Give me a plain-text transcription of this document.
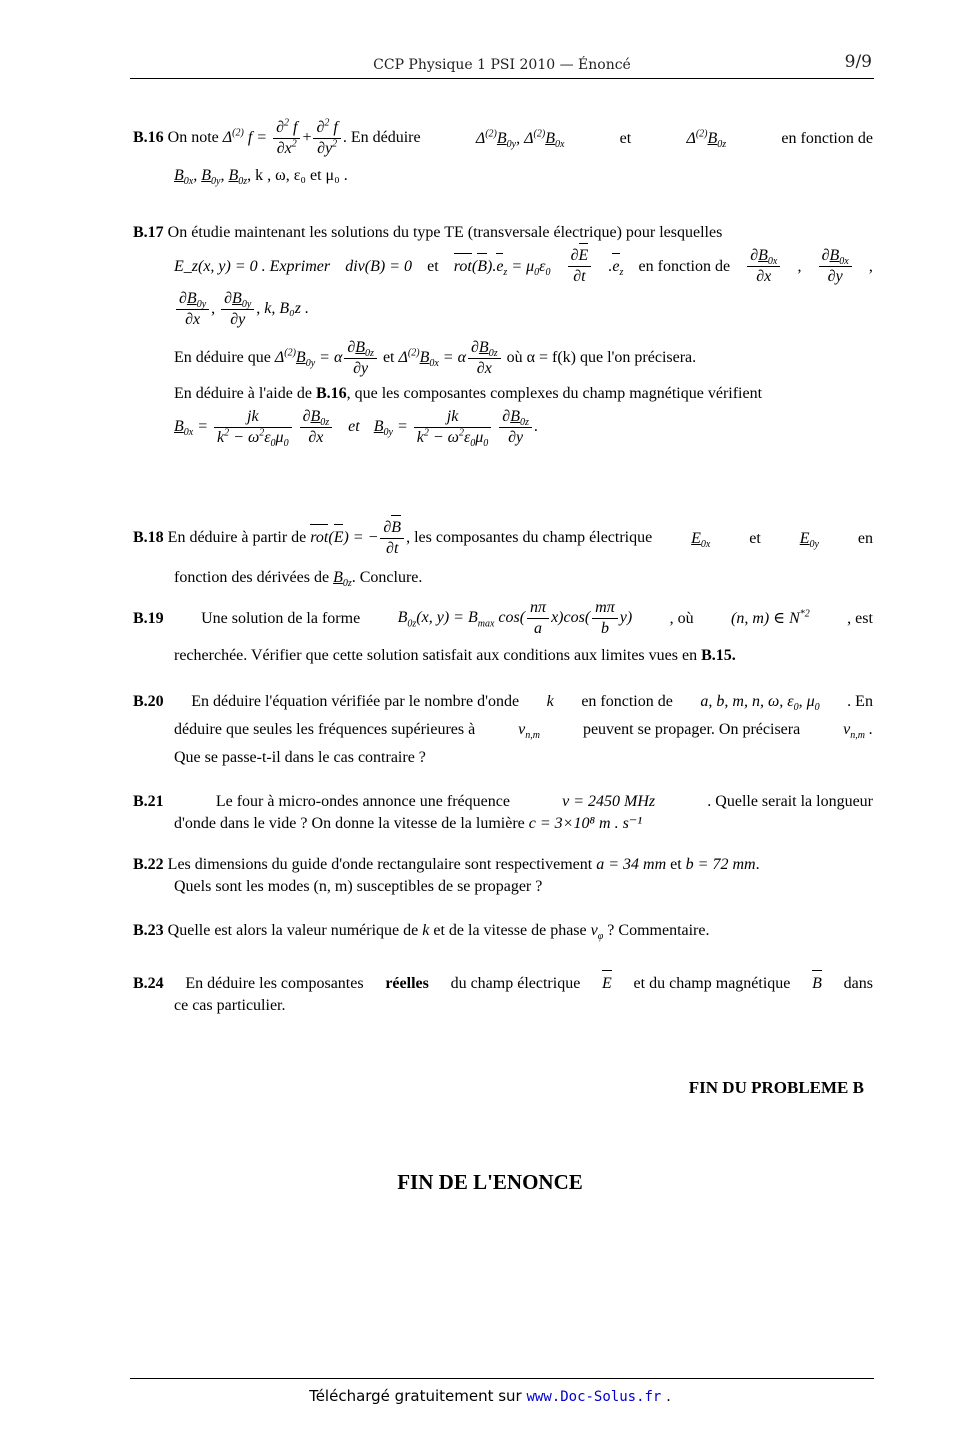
CCP Physique 1 PSI 2010 — Énoncé	9/9
B.16 On note $\Delta^{(2)}$ $f = \frac{\partial^2 f}{\partial x^2} + \frac{\partial^2 f}{\partial y^2}$ . En déduire	$\Delta^{(2)}B_{0y}$, $\Delta^{(2)}B_{0x}$	et	$\Delta^{(2)}B_{0z}$	en fonction de
$B_{0x}$, $B_{0y}$, $B_{0z}$, k , ω, ε₀ et μ₀ .
B.17 On étudie maintenant les solutions du type TE (transversale électrique) pour lesquelles
E_z(x, y) = 0 . Exprimer div(B) = 0 et $rot(B).e_z = \mu_0\varepsilon_0 \frac{\partial E}{\partial t} .e_z$ en fonction de $\frac{\partial B_{0x}}{\partial x}$ , $\frac{\partial B_{0x}}{\partial y}$ ,
$\frac{\partial B_{0y}}{\partial x}$ , $\frac{\partial B_{0y}}{\partial y}$ , k, B₀z .
En déduire que $\Delta^{(2)}B_{0y} = \alpha \frac{\partial B_{0z}}{\partial y}$ et $\Delta^{(2)}B_{0x} = \alpha \frac{\partial B_{0z}}{\partial x}$ où α = f(k) que l'on précisera.
En déduire à l'aide de B.16, que les composantes complexes du champ magnétique vérifient
$B_{0x} = \frac{jk}{k^2 - \omega^2\varepsilon_0\mu_0}$
$\frac{\partial B_{0z}}{\partial x}$ et $B_{0y} = \frac{jk}{k^2 - \omega^2\varepsilon_0\mu_0}$
$\frac{\partial B_{0z}}{\partial y}$ .
B.18 En déduire à partir de rot(E) = − $\frac{\partial B}{\partial t}$ , les composantes du champ électrique $E_{0x}$ et $E_{0y}$ en
fonction des dérivées de $B_{0z}$. Conclure.
B.19 Une solution de la forme $B_{0z}(x$, $y) = B_{max}$ $\cos( \frac{n\pi}{a} x)\cos( \frac{m\pi}{b} y)$ , où (n, m) ∈ $N^{*2}$ , est
recherchée. Vérifier que cette solution satisfait aux conditions aux limites vues en B.15.
B.20 En déduire l'équation vérifiée par le nombre d'onde k en fonction de a, b, m, n, ω, $\varepsilon_0$, $\mu_0$ . En
déduire que seules les fréquences supérieures à	$\nu_{n,m}$	peuvent se propager. On précisera	$\nu_{n,m}$ .
Que se passe-t-il dans le cas contraire ?
B.21	Le four à micro-ondes annonce une fréquence	ν = 2450 MHz	. Quelle serait la longueur
d'onde dans le vide ? On donne la vitesse de la lumière c = 3×10⁸ m . s⁻¹
B.22 Les dimensions du guide d'onde rectangulaire sont respectivement a = 34 mm et b = 72 mm.
Quels sont les modes (n, m) susceptibles de se propager ?
B.23 Quelle est alors la valeur numérique de k et de la vitesse de phase $v_\varphi$ ? Commentaire.
B.24 En déduire les composantes réelles du champ électrique E et du champ magnétique B dans
ce cas particulier.
FIN DU PROBLEME B
FIN DE L'ENONCE
Téléchargé gratuitement sur www.Doc-Solus.fr .
